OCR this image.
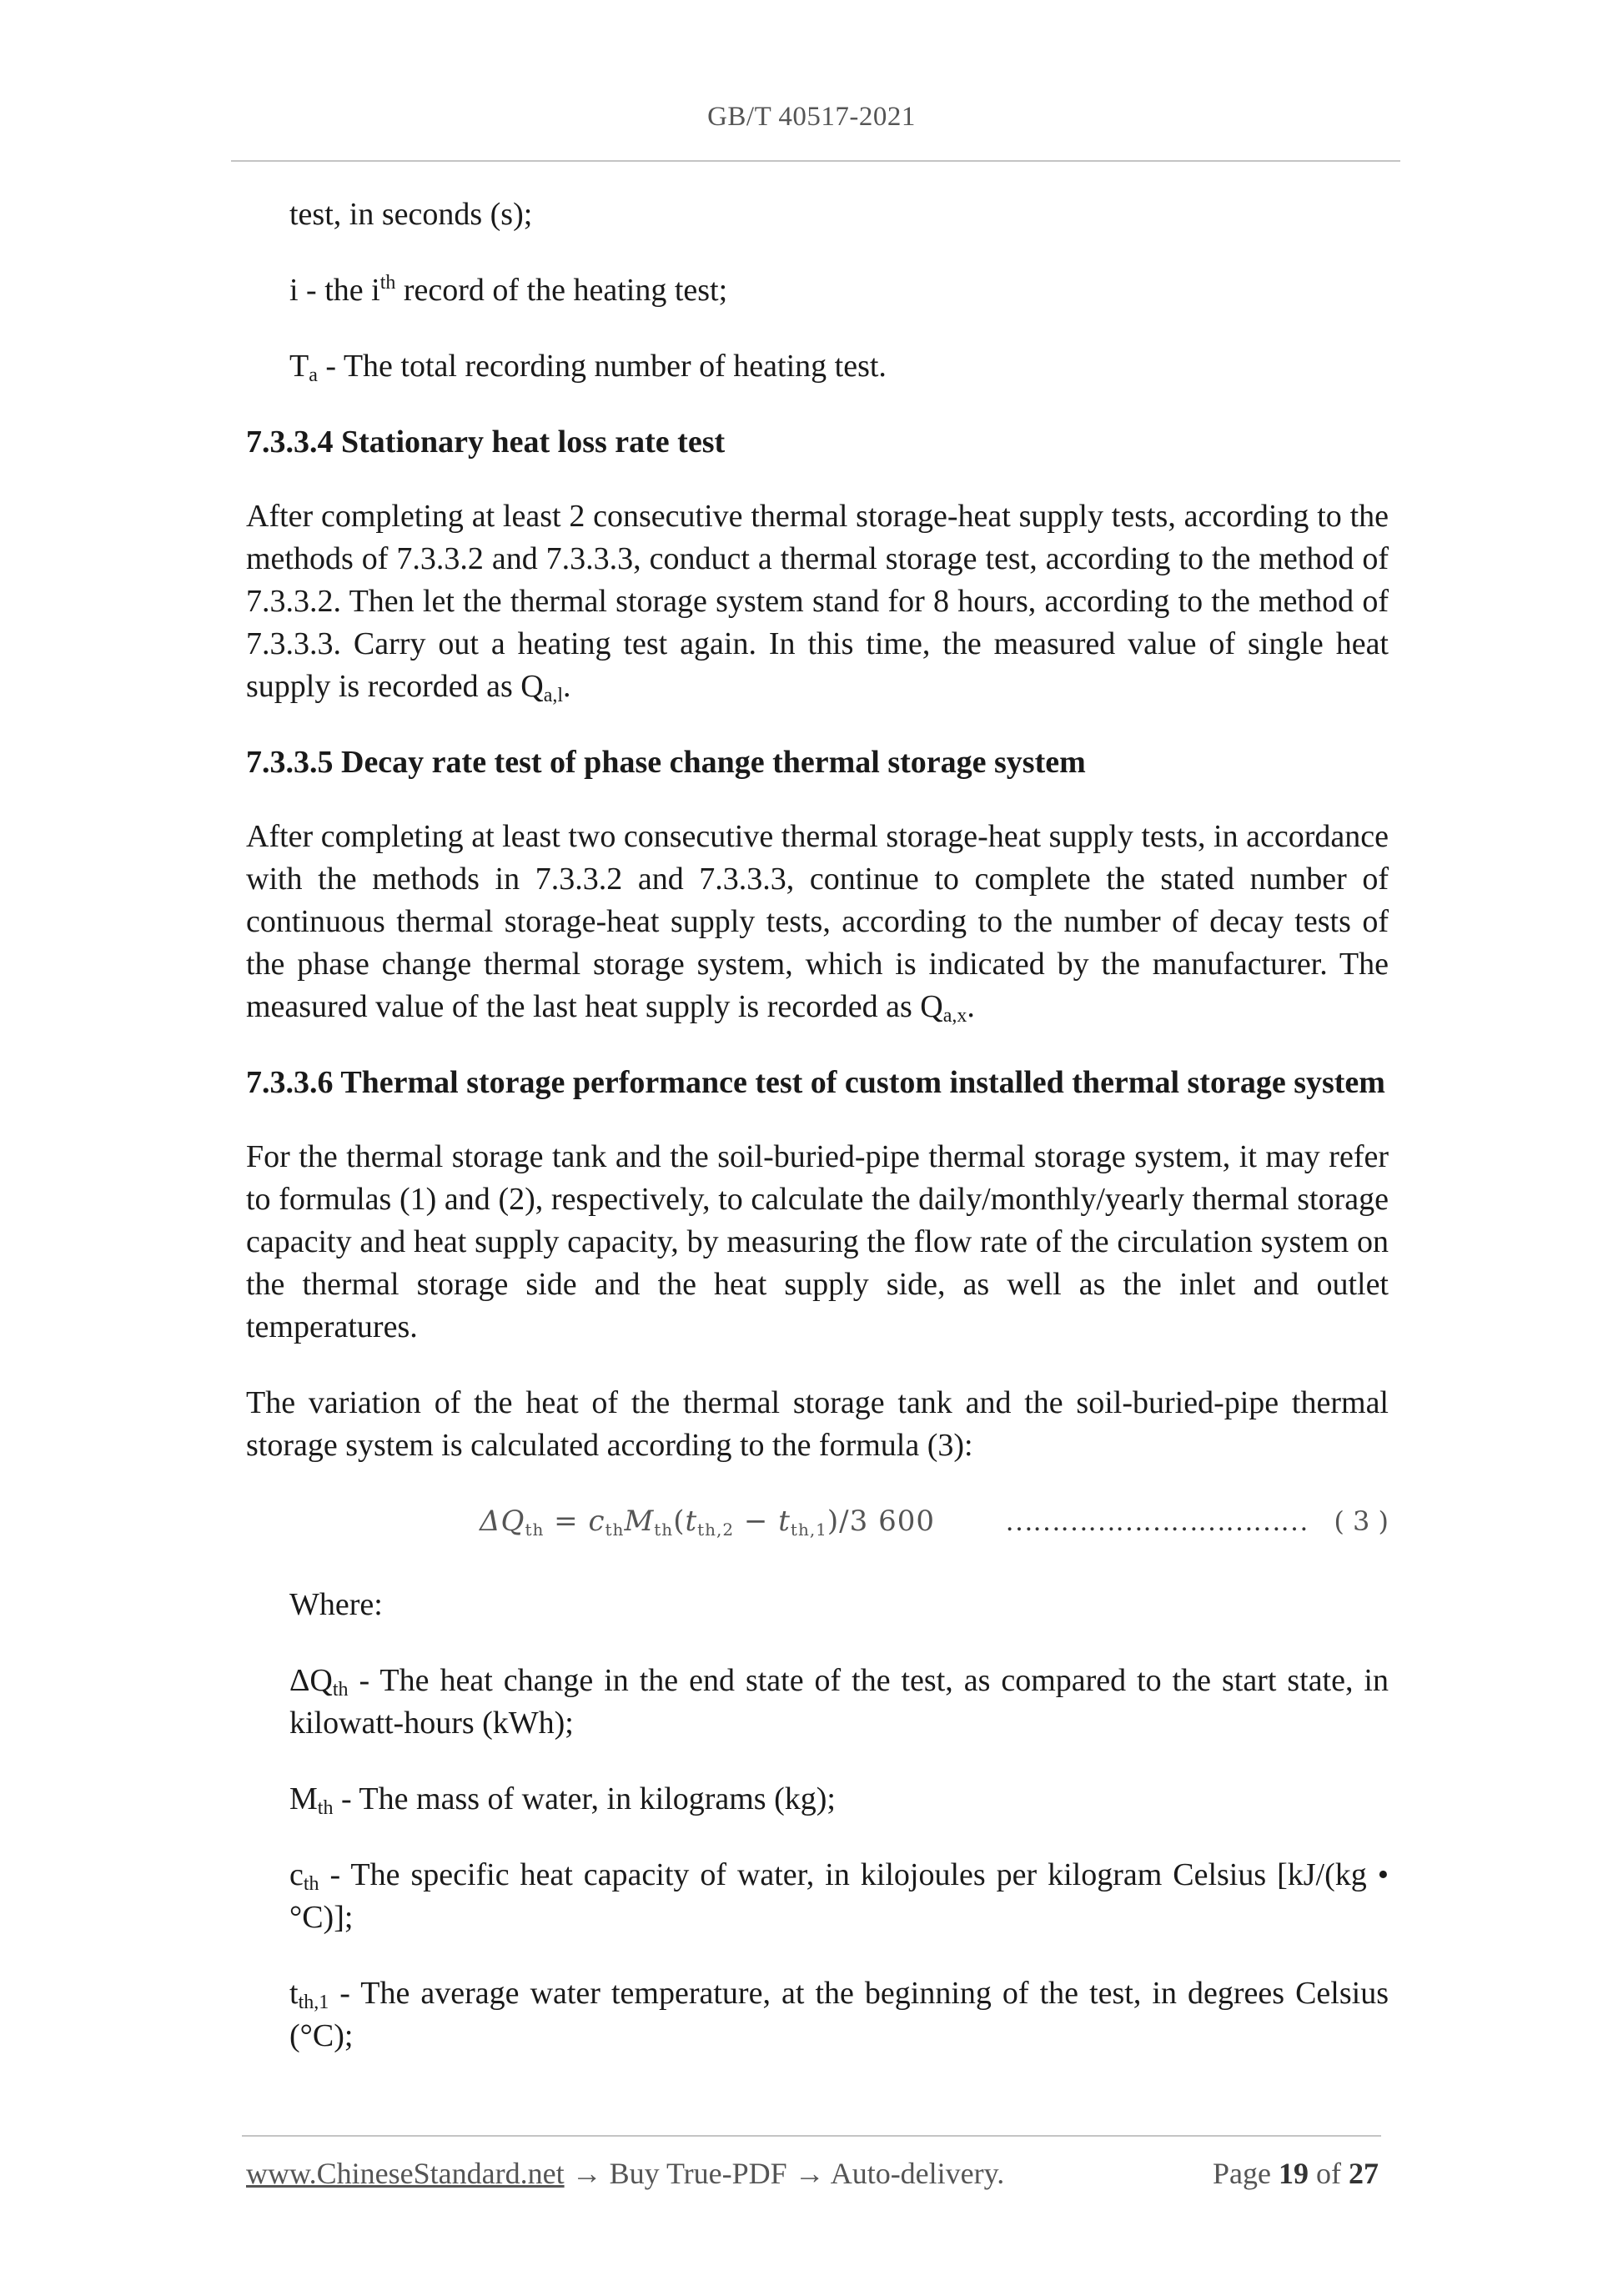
GB/T 40517-2021

test, in seconds (s);

i - the $i^{th}$ record of the heating test;

$T_a$ - The total recording number of heating test.

7.3.3.4 Stationary heat loss rate test

After completing at least 2 consecutive thermal storage-heat supply tests, according to the methods of 7.3.3.2 and 7.3.3.3, conduct a thermal storage test, according to the method of 7.3.3.2. Then let the thermal storage system stand for 8 hours, according to the method of 7.3.3.3. Carry out a heating test again. In this time, the measured value of single heat supply is recorded as $Q_{a,l}$.

7.3.3.5 Decay rate test of phase change thermal storage system

After completing at least two consecutive thermal storage-heat supply tests, in accordance with the methods in 7.3.3.2 and 7.3.3.3, continue to complete the stated number of continuous thermal storage-heat supply tests, according to the number of decay tests of the phase change thermal storage system, which is indicated by the manufacturer. The measured value of the last heat supply is recorded as $Q_{a,x}$.

7.3.3.6 Thermal storage performance test of custom installed thermal storage system

For the thermal storage tank and the soil-buried-pipe thermal storage system, it may refer to formulas (1) and (2), respectively, to calculate the daily/monthly/yearly thermal storage capacity and heat supply capacity, by measuring the flow rate of the circulation system on the thermal storage side and the heat supply side, as well as the inlet and outlet temperatures.

The variation of the heat of the thermal storage tank and the soil-buried-pipe thermal storage system is calculated according to the formula (3):

$\Delta Q_{th} = c_{th}M_{th}(t_{th,2} - t_{th,1})/3$ 600 …………………………… ( 3 )

Where:

$\Delta Q_{th}$ - The heat change in the end state of the test, as compared to the start state, in kilowatt-hours (kWh);

$M_{th}$ - The mass of water, in kilograms (kg);

$c_{th}$ - The specific heat capacity of water, in kilojoules per kilogram Celsius [kJ/(kg • °C)];

$t_{th,1}$ - The average water temperature, at the beginning of the test, in degrees Celsius (°C);

www.ChineseStandard.net → Buy True-PDF → Auto-delivery.	Page 19 of 27
